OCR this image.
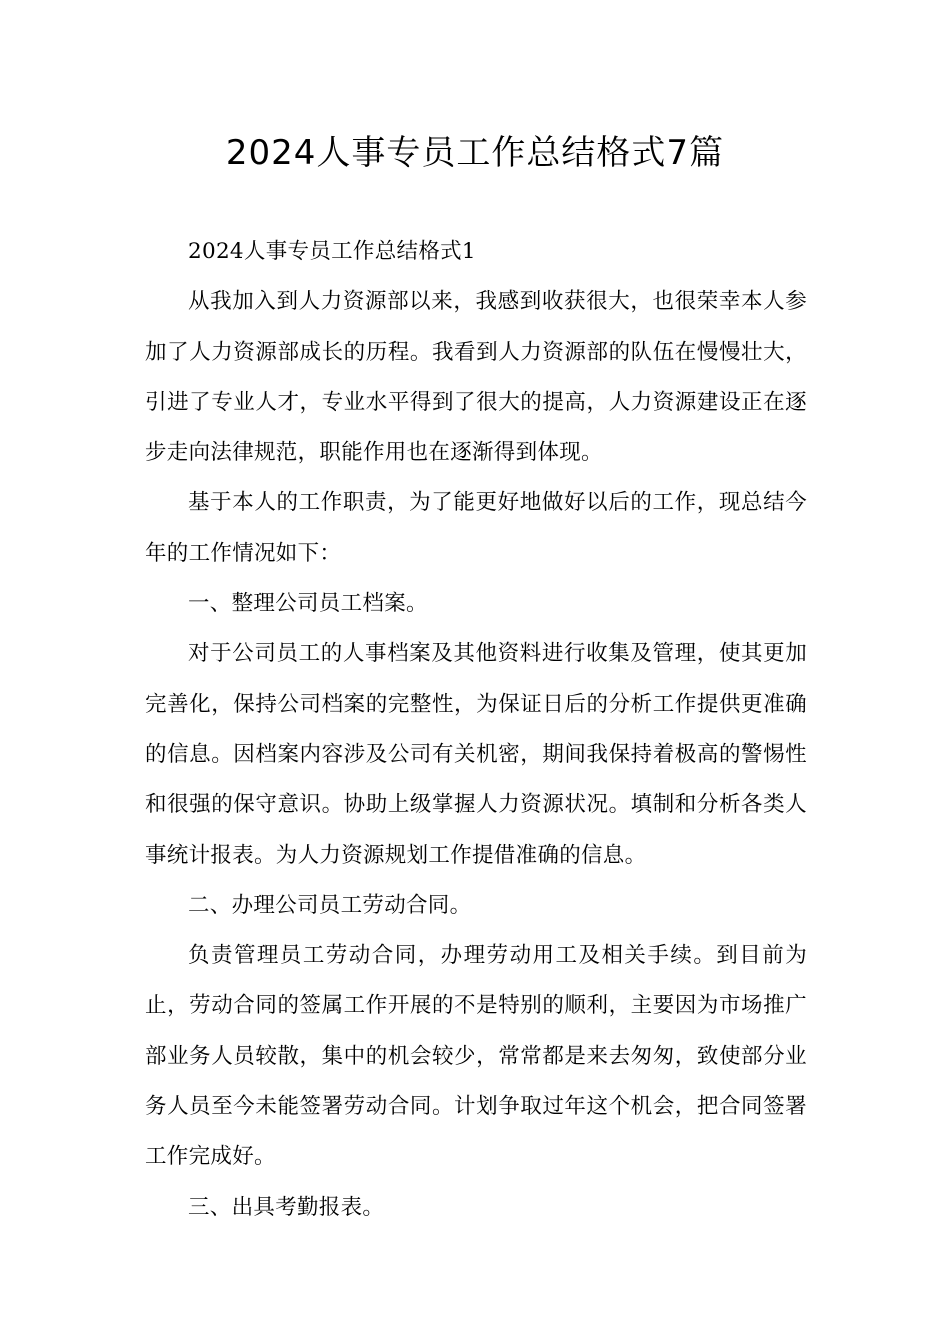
2024人事专员工作总结格式7篇

2024人事专员工作总结格式1

从我加入到人力资源部以来，我感到收获很大，也很荣幸本人参加了人力资源部成长的历程。我看到人力资源部的队伍在慢慢壮大，引进了专业人才，专业水平得到了很大的提高，人力资源建设正在逐步走向法律规范，职能作用也在逐渐得到体现。

基于本人的工作职责，为了能更好地做好以后的工作，现总结今年的工作情况如下：

一、整理公司员工档案。

对于公司员工的人事档案及其他资料进行收集及管理，使其更加完善化，保持公司档案的完整性，为保证日后的分析工作提供更准确的信息。因档案内容涉及公司有关机密，期间我保持着极高的警惕性和很强的保守意识。协助上级掌握人力资源状况。填制和分析各类人事统计报表。为人力资源规划工作提借准确的信息。

二、办理公司员工劳动合同。

负责管理员工劳动合同，办理劳动用工及相关手续。到目前为止，劳动合同的签属工作开展的不是特别的顺利，主要因为市场推广部业务人员较散，集中的机会较少，常常都是来去匆匆，致使部分业务人员至今未能签署劳动合同。计划争取过年这个机会，把合同签署工作完成好。

三、出具考勤报表。
